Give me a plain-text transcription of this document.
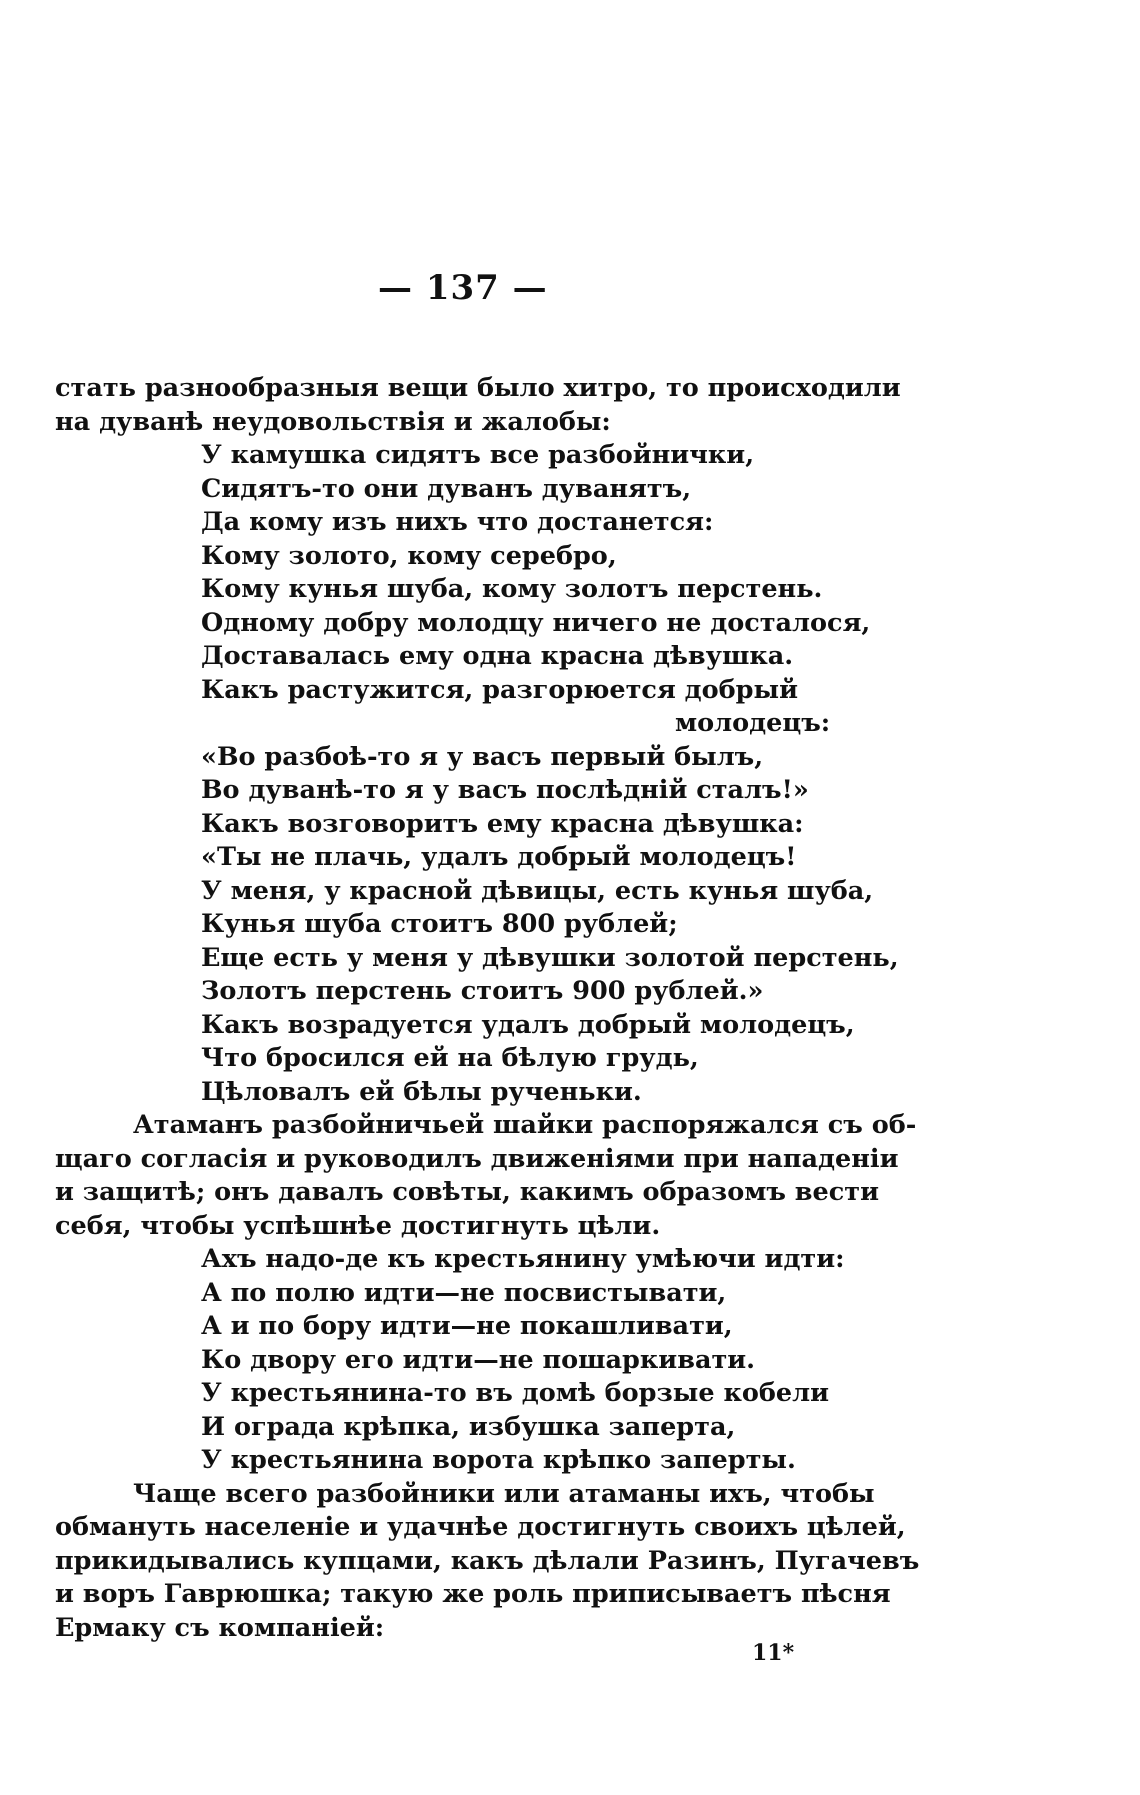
— 137 —
стать разнообразныя вещи было хитро, то происходили
на дуванѣ неудовольствія и жалобы:
У камушка сидятъ все разбойнички,
Сидятъ-то они дуванъ дуванятъ,
Да кому изъ нихъ что достанется:
Кому золото, кому серебро,
Кому кунья шуба, кому золотъ перстень.
Одному добру молодцу ничего не досталося,
Доставалась ему одна красна дѣвушка.
Какъ растужится, разгорюется добрый
молодецъ:
«Во разбоѣ-то я у васъ первый былъ,
Во дуванѣ-то я у васъ послѣдній сталъ!»
Какъ возговоритъ ему красна дѣвушка:
«Ты не плачь, удалъ добрый молодецъ!
У меня, у красной дѣвицы, есть кунья шуба,
Кунья шуба стоитъ 800 рублей;
Еще есть у меня у дѣвушки золотой перстень,
Золотъ перстень стоитъ 900 рублей.»
Какъ возрадуется удалъ добрый молодецъ,
Что бросился ей на бѣлую грудь,
Цѣловалъ ей бѣлы рученьки.
Атаманъ разбойничьей шайки распоряжался съ об-
щаго согласія и руководилъ движеніями при нападеніи
и защитѣ; онъ давалъ совѣты, какимъ образомъ вести
себя, чтобы успѣшнѣе достигнуть цѣли.
Ахъ надо-де къ крестьянину умѣючи идти:
А по полю идти—не посвистывати,
А и по бору идти—не покашливати,
Ко двору его идти—не пошаркивати.
У крестьянина-то въ домѣ борзые кобели
И ограда крѣпка, избушка заперта,
У крестьянина ворота крѣпко заперты.
Чаще всего разбойники или атаманы ихъ, чтобы
обмануть населеніе и удачнѣе достигнуть своихъ цѣлей,
прикидывались купцами, какъ дѣлали Разинъ, Пугачевъ
и воръ Гаврюшка; такую же роль приписываетъ пѣсня
Ермаку съ компаніей:
11*
